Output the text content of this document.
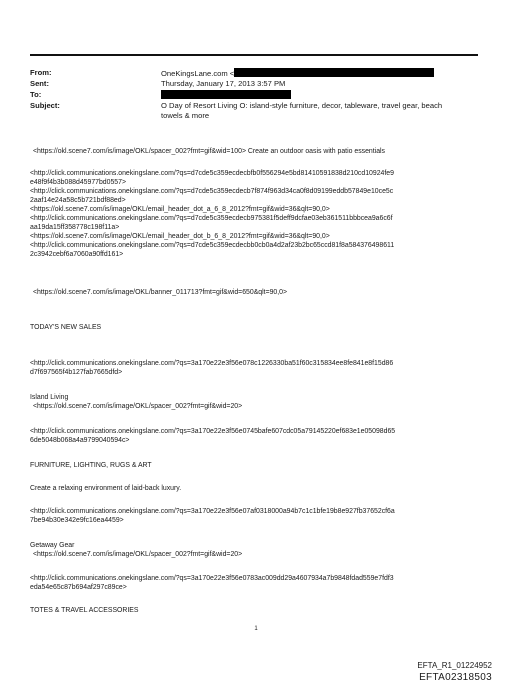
From:	OneKingsLane.com <
Sent:	Thursday, January 17, 2013 3:57 PM
To:
Subject:	O Day of Resort Living O: island-style furniture, decor, tableware, travel gear, beach
towels & more
<https://okl.scene7.com/is/image/OKL/spacer_002?fmt=gif&wid=100> Create an outdoor oasis with patio essentials
<http://click.communications.onekingslane.com/?qs=d7cde5c359ecdecbfb0f556294e5bd81410591838d210cd10924fe9
e48f9f4b3b088d45977bd0557>
<http://click.communications.onekingslane.com/?qs=d7cde5c359ecdecb7f874f963d34ca0f8d09199eddb57849e10ce5c
2aaf14e24a58c5b721bdf88ed>
<https://okl.scene7.com/is/image/OKL/email_header_dot_a_6_8_2012?fmt=gif&wid=36&qlt=90,0>
<http://click.communications.onekingslane.com/?qs=d7cde5c359ecdecb975381f5deff9dcfae03eb361511bbbcea9a6c6f
aa19da15ff358778c198f11a>
<https://okl.scene7.com/is/image/OKL/email_header_dot_b_6_8_2012?fmt=gif&wid=36&qlt=90,0>
<http://click.communications.onekingslane.com/?qs=d7cde5c359ecdecbb0cb0a4d2af23b2bc65ccd81f8a584376498611
2c3942cebf6a7060a90ffd161>
<https://okl.scene7.com/is/image/OKL/banner_011713?fmt=gif&wid=650&qlt=90,0>
TODAY'S NEW SALES
<http://click.communications.onekingslane.com/?qs=3a170e22e3f56e078c1226330ba51f60c315834ee8fe841e8f15d86
d7f697565f4b127fab7665dfd>
Island Living
<https://okl.scene7.com/is/image/OKL/spacer_002?fmt=gif&wid=20>
<http://click.communications.onekingslane.com/?qs=3a170e22e3f56e0745bafe607cdc05a79145220ef683e1e05098d65
6de5048b068a4a9799040594c>
FURNITURE, LIGHTING, RUGS & ART
Create a relaxing environment of laid-back luxury.
<http://click.communications.onekingslane.com/?qs=3a170e22e3f56e07af0318000a94b7c1c1bfe19b8e927fb37652cf6a
7be94b30e342e9fc16ea4459>
Getaway Gear
<https://okl.scene7.com/is/image/OKL/spacer_002?fmt=gif&wid=20>
<http://click.communications.onekingslane.com/?qs=3a170e22e3f56e0783ac009dd29a4607934a7b9848fdad559e7fdf3
eda54e65c87b694af297c89ce>
TOTES & TRAVEL ACCESSORIES
1
EFTA_R1_01224952
EFTA02318503
